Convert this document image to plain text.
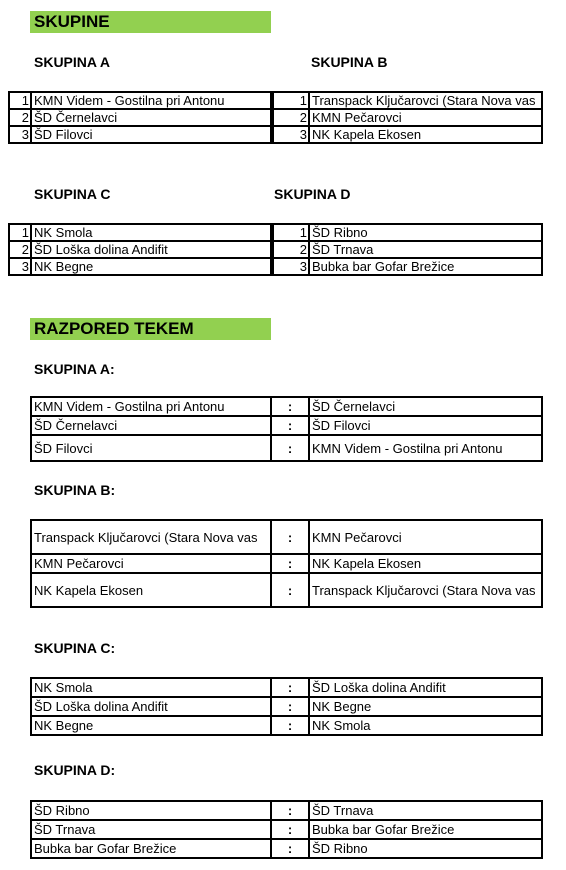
SKUPINE
SKUPINA A
1	KMN Videm - Gostilna pri Antonu
2	ŠD Černelavci
3	ŠD Filovci
SKUPINA B
1	Transpack Ključarovci (Stara Nova vas
2	KMN Pečarovci
3	NK Kapela Ekosen
SKUPINA C
1	NK Smola
2	ŠD Loška dolina Andifit
3	NK Begne
SKUPINA D
1	ŠD Ribno
2	ŠD Trnava
3	Bubka bar Gofar Brežice
RAZPORED TEKEM
SKUPINA A:
KMN Videm - Gostilna pri Antonu	:	ŠD Černelavci
ŠD Černelavci	:	ŠD Filovci
ŠD Filovci	:	KMN Videm - Gostilna pri Antonu
SKUPINA B:
Transpack Ključarovci (Stara Nova vas	:	KMN Pečarovci
KMN Pečarovci	:	NK Kapela Ekosen
NK Kapela Ekosen	:	Transpack Ključarovci (Stara Nova vas
SKUPINA C:
NK Smola	:	ŠD Loška dolina Andifit
ŠD Loška dolina Andifit	:	NK Begne
NK Begne	:	NK Smola
SKUPINA D:
ŠD Ribno	:	ŠD Trnava
ŠD Trnava	:	Bubka bar Gofar Brežice
Bubka bar Gofar Brežice	:	ŠD Ribno
